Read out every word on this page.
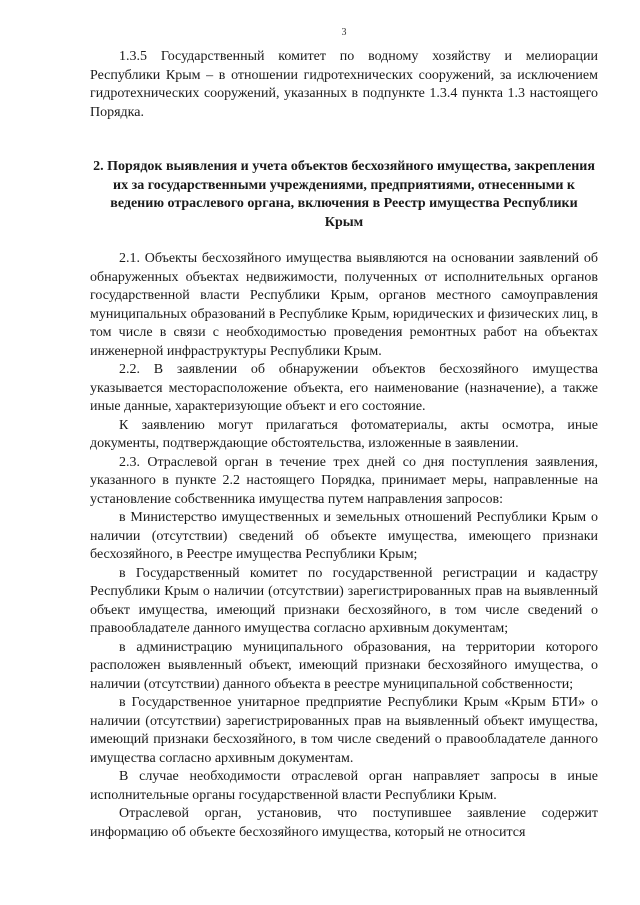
3

1.3.5 Государственный комитет по водному хозяйству и мелиорации Республики Крым – в отношении гидротехнических сооружений, за исключением гидротехнических сооружений, указанных в подпункте 1.3.4 пункта 1.3 настоящего Порядка.

2. Порядок выявления и учета объектов бесхозяйного имущества, закрепления их за государственными учреждениями, предприятиями, отнесенными к ведению отраслевого органа, включения в Реестр имущества Республики Крым

2.1. Объекты бесхозяйного имущества выявляются на основании заявлений об обнаруженных объектах недвижимости, полученных от исполнительных органов государственной власти Республики Крым, органов местного самоуправления муниципальных образований в Республике Крым, юридических и физических лиц, в том числе в связи с необходимостью проведения ремонтных работ на объектах инженерной инфраструктуры Республики Крым.

2.2. В заявлении об обнаружении объектов бесхозяйного имущества указывается месторасположение объекта, его наименование (назначение), а также иные данные, характеризующие объект и его состояние.

К заявлению могут прилагаться фотоматериалы, акты осмотра, иные документы, подтверждающие обстоятельства, изложенные в заявлении.

2.3. Отраслевой орган в течение трех дней со дня поступления заявления, указанного в пункте 2.2 настоящего Порядка, принимает меры, направленные на установление собственника имущества путем направления запросов:

в Министерство имущественных и земельных отношений Республики Крым о наличии (отсутствии) сведений об объекте имущества, имеющего признаки бесхозяйного, в Реестре имущества Республики Крым;

в Государственный комитет по государственной регистрации и кадастру Республики Крым о наличии (отсутствии) зарегистрированных прав на выявленный объект имущества, имеющий признаки бесхозяйного, в том числе сведений о правообладателе данного имущества согласно архивным документам;

в администрацию муниципального образования, на территории которого расположен выявленный объект, имеющий признаки бесхозяйного имущества, о наличии (отсутствии) данного объекта в реестре муниципальной собственности;

в Государственное унитарное предприятие Республики Крым «Крым БТИ» о наличии (отсутствии) зарегистрированных прав на выявленный объект имущества, имеющий признаки бесхозяйного, в том числе сведений о правообладателе данного имущества согласно архивным документам.

В случае необходимости отраслевой орган направляет запросы в иные исполнительные органы государственной власти Республики Крым.

Отраслевой орган, установив, что поступившее заявление содержит информацию об объекте бесхозяйного имущества, который не относится
